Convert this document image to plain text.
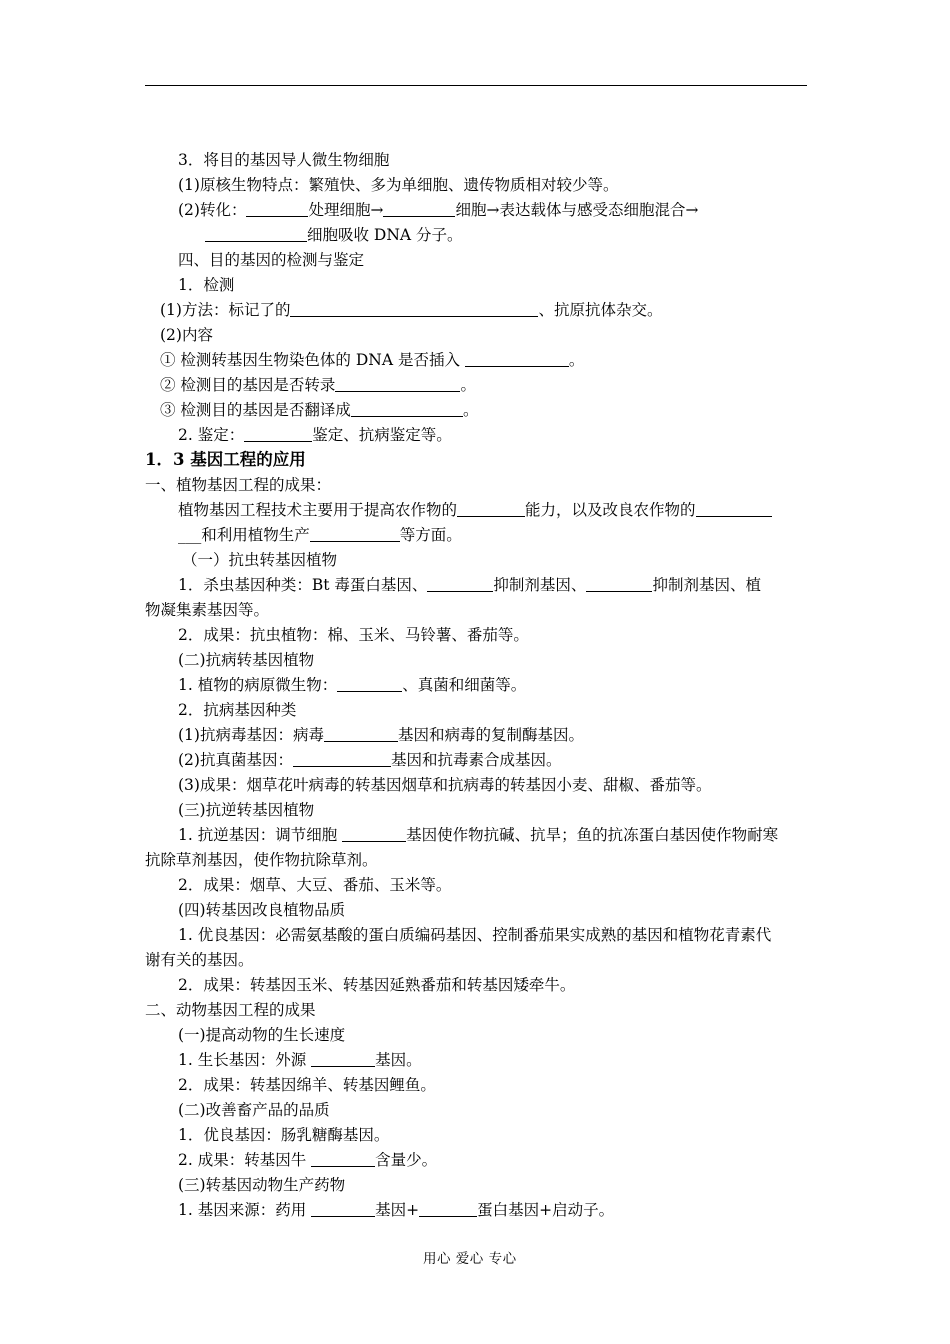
3．将目的基因导人微生物细胞
(1)原核生物特点：繁殖快、多为单细胞、遗传物质相对较少等。
(2)转化：	处理细胞→	细胞→表达载体与感受态细胞混合→
细胞吸收 DNA 分子。
四、目的基因的检测与鉴定
1．检测
(1)方法：标记了的	、抗原抗体杂交。
(2)内容
① 检测转基因生物染色体的 DNA 是否插入	。
② 检测目的基因是否转录	。
③ 检测目的基因是否翻译成	。
2. 鉴定：	鉴定、抗病鉴定等。
1．3 基因工程的应用
一、植物基因工程的成果：
植物基因工程技术主要用于提高农作物的	能力，以及改良农作物的
___和利用植物生产	等方面。
（一）抗虫转基因植物
1．杀虫基因种类：Bt 毒蛋白基因、	抑制剂基因、	抑制剂基因、植
物凝集素基因等。
2．成果：抗虫植物：棉、玉米、马铃薯、番茄等。
(二)抗病转基因植物
1. 植物的病原微生物：	、真菌和细菌等。
2．抗病基因种类
(1)抗病毒基因：病毒	基因和病毒的复制酶基因。
(2)抗真菌基因：	基因和抗毒素合成基因。
(3)成果：烟草花叶病毒的转基因烟草和抗病毒的转基因小麦、甜椒、番茄等。
(三)抗逆转基因植物
1. 抗逆基因：调节细胞	基因使作物抗碱、抗旱；鱼的抗冻蛋白基因使作物耐寒
抗除草剂基因，使作物抗除草剂。
2．成果：烟草、大豆、番茄、玉米等。
(四)转基因改良植物品质
1. 优良基因：必需氨基酸的蛋白质编码基因、控制番茄果实成熟的基因和植物花青素代
谢有关的基因。
2．成果：转基因玉米、转基因延熟番茄和转基因矮牵牛。
二、动物基因工程的成果
(一)提高动物的生长速度
1. 生长基因：外源	基因。
2．成果：转基因绵羊、转基因鲤鱼。
(二)改善畜产品的品质
1．优良基因：肠乳糖酶基因。
2. 成果：转基因牛	含量少。
(三)转基因动物生产药物
1. 基因来源：药用	基因+	蛋白基因+启动子。
用心 爱心 专心
